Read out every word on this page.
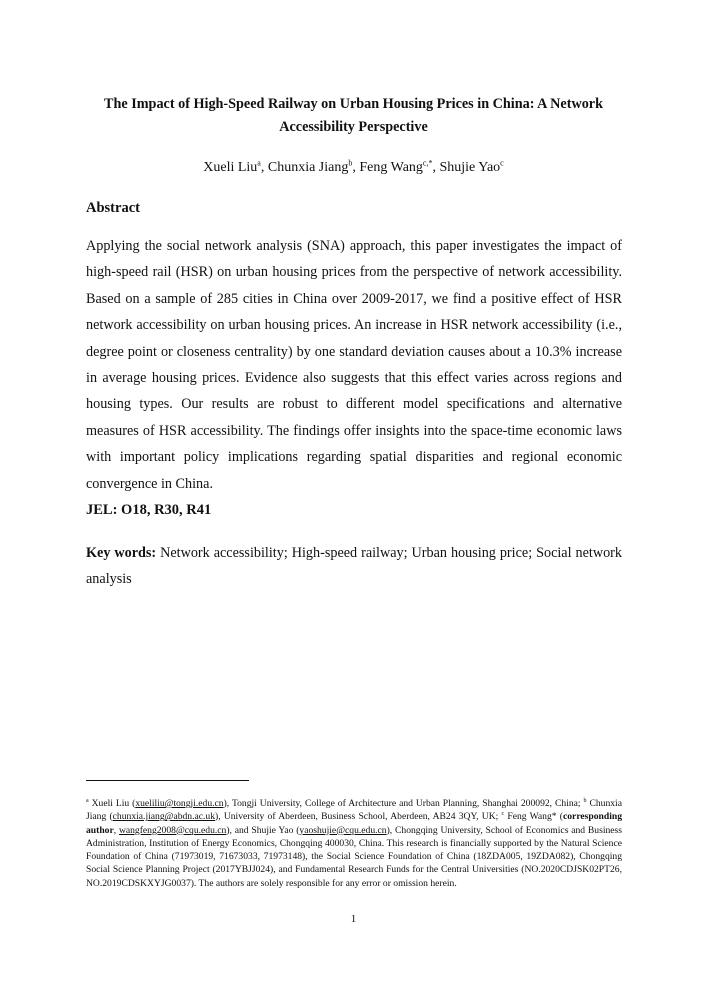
The Impact of High-Speed Railway on Urban Housing Prices in China: A Network Accessibility Perspective
Xueli Liu$^a$, Chunxia Jiang$^b$, Feng Wang$^{c,*}$, Shujie Yao$^c$
Abstract
Applying the social network analysis (SNA) approach, this paper investigates the impact of high-speed rail (HSR) on urban housing prices from the perspective of network accessibility. Based on a sample of 285 cities in China over 2009-2017, we find a positive effect of HSR network accessibility on urban housing prices. An increase in HSR network accessibility (i.e., degree point or closeness centrality) by one standard deviation causes about a 10.3% increase in average housing prices. Evidence also suggests that this effect varies across regions and housing types. Our results are robust to different model specifications and alternative measures of HSR accessibility. The findings offer insights into the space-time economic laws with important policy implications regarding spatial disparities and regional economic convergence in China.
JEL: O18, R30, R41
Key words: Network accessibility; High-speed railway; Urban housing price; Social network analysis
$^a$ Xueli Liu (xueliliu@tongji.edu.cn), Tongji University, College of Architecture and Urban Planning, Shanghai 200092, China; $^b$ Chunxia Jiang (chunxia.jiang@abdn.ac.uk), University of Aberdeen, Business School, Aberdeen, AB24 3QY, UK; $^c$ Feng Wang* (corresponding author, wangfeng2008@cqu.edu.cn), and Shujie Yao (yaoshujie@cqu.edu.cn), Chongqing University, School of Economics and Business Administration, Institution of Energy Economics, Chongqing 400030, China. This research is financially supported by the Natural Science Foundation of China (71973019, 71673033, 71973148), the Social Science Foundation of China (18ZDA005, 19ZDA082), Chongqing Social Science Planning Project (2017YBJJ024), and Fundamental Research Funds for the Central Universities (NO.2020CDJSK02PT26, NO.2019CDSKXYJG0037). The authors are solely responsible for any error or omission herein.
1
